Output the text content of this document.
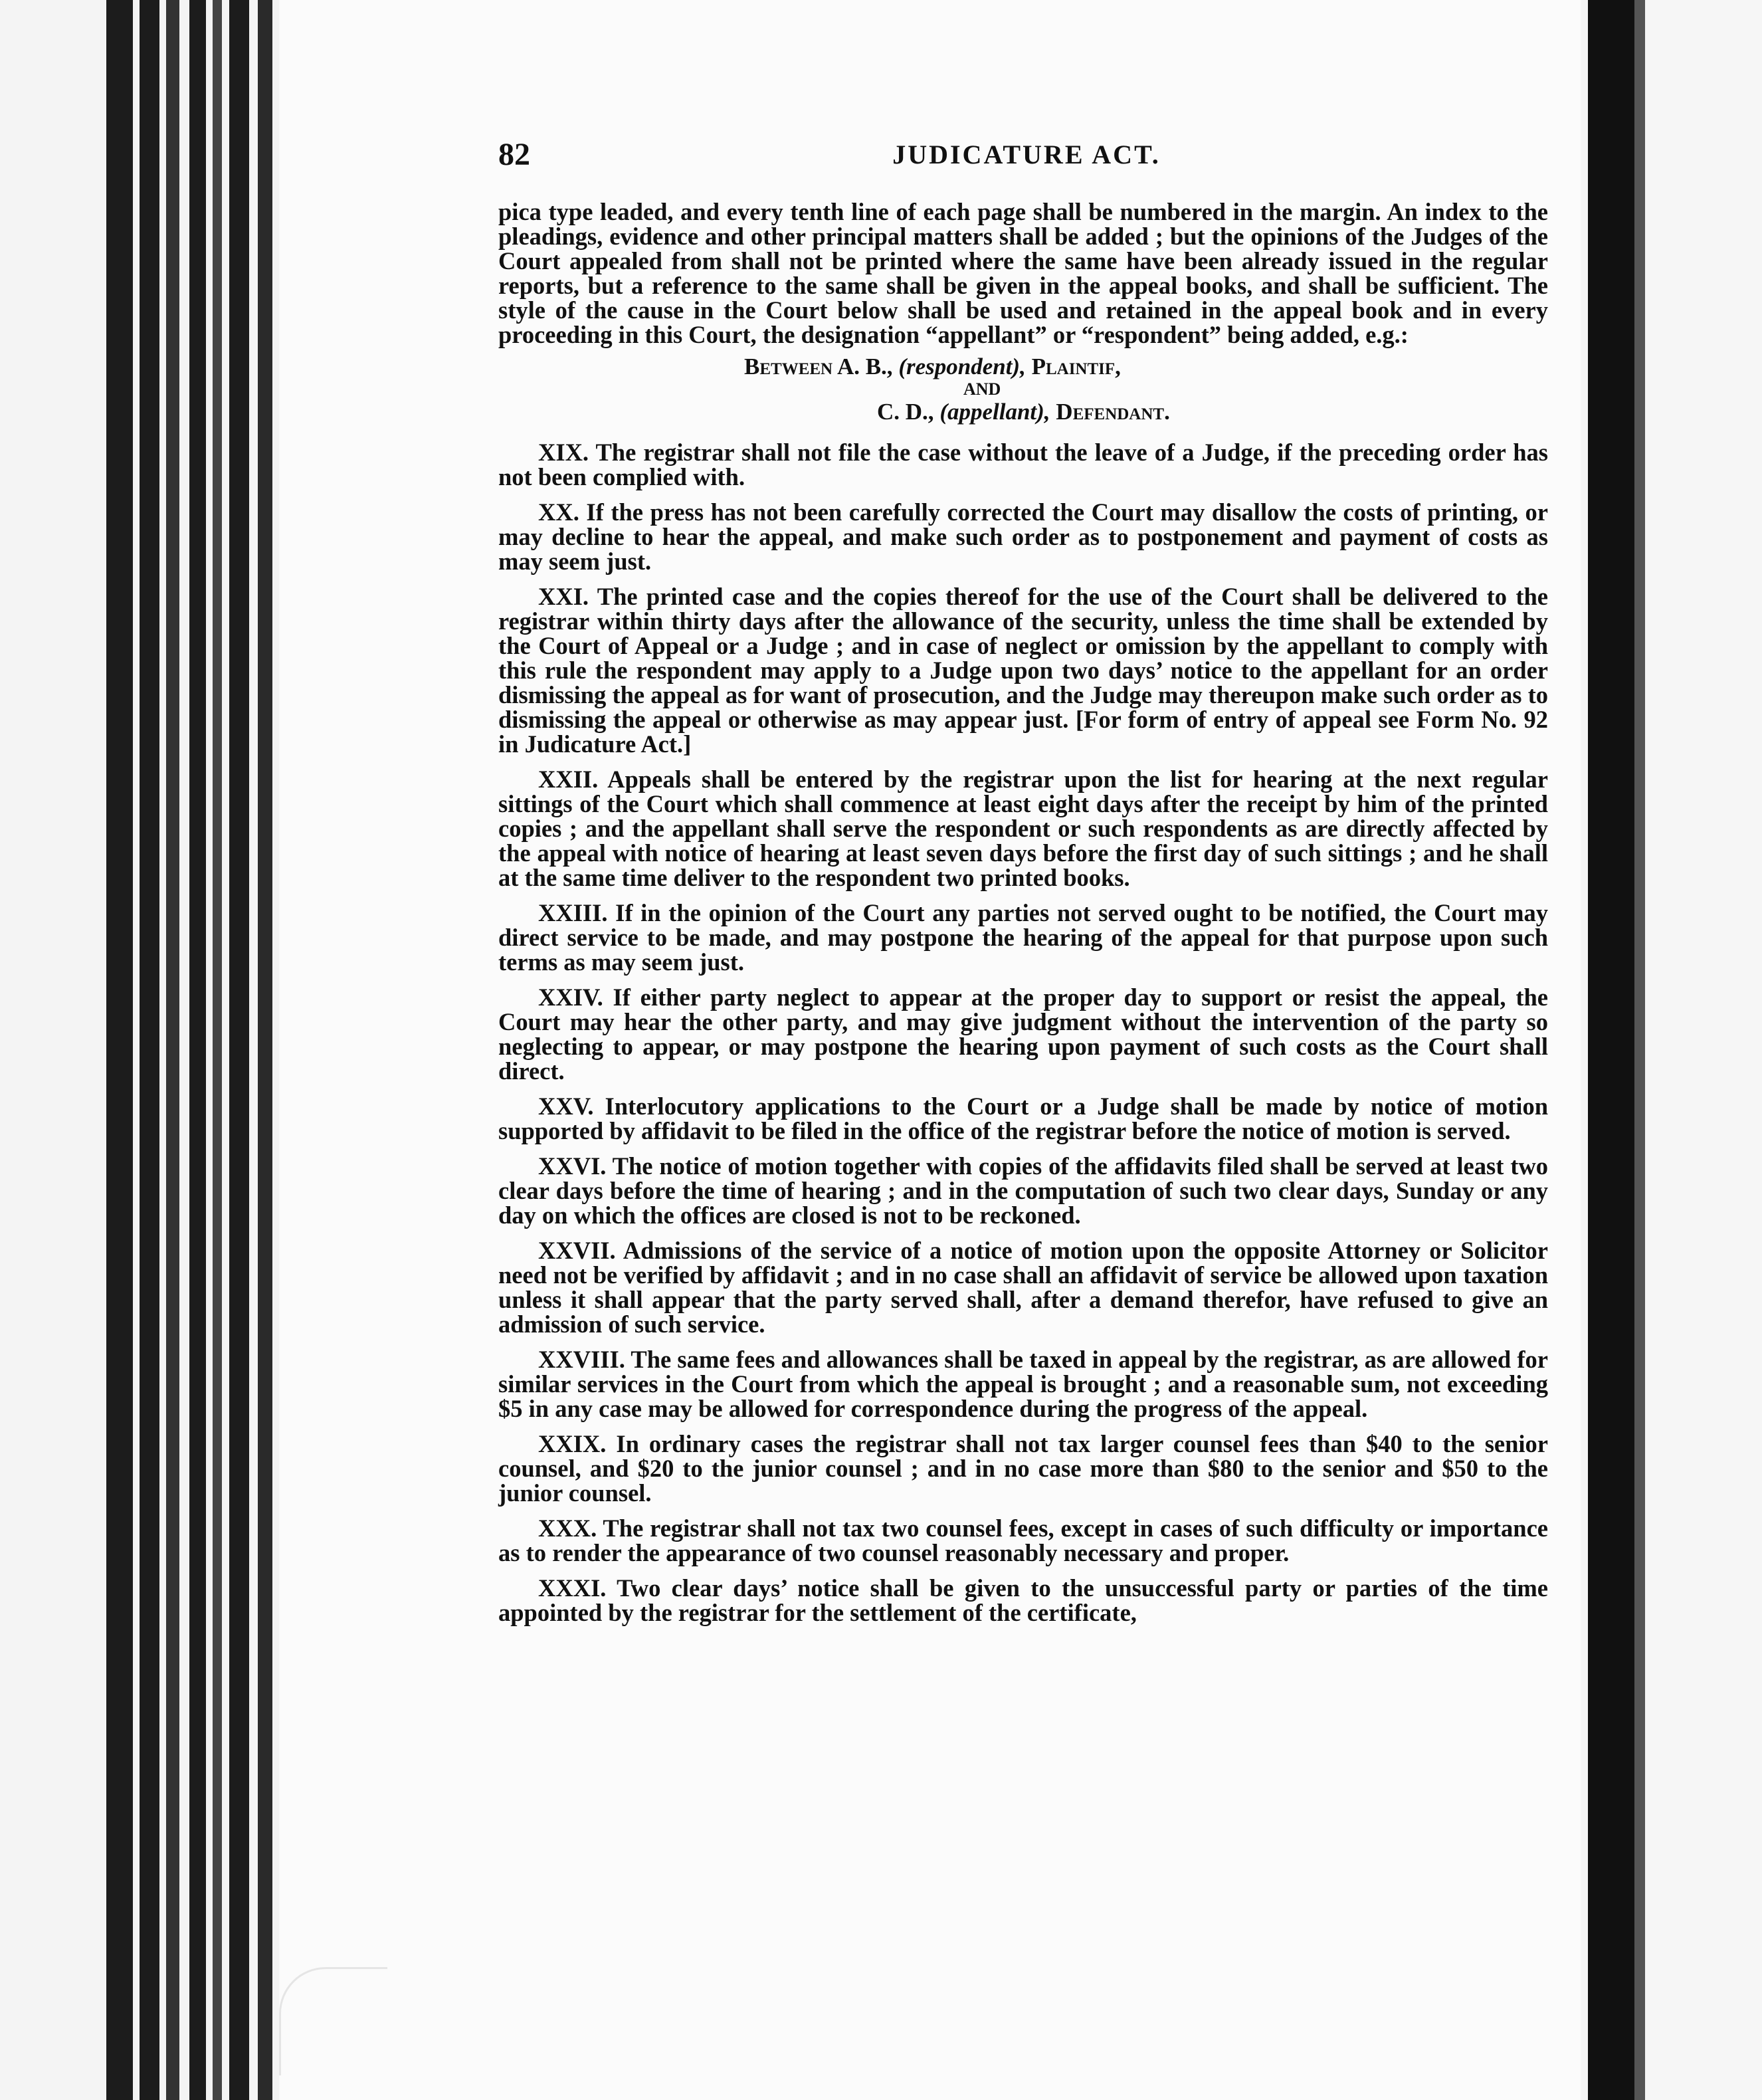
82	JUDICATURE ACT.

pica type leaded, and every tenth line of each page shall be numbered in the margin. An index to the pleadings, evidence and other principal matters shall be added ; but the opinions of the Judges of the Court appealed from shall not be printed where the same have been already issued in the regular reports, but a reference to the same shall be given in the appeal books, and shall be sufficient. The style of the cause in the Court below shall be used and retained in the appeal book and in every proceeding in this Court, the designation “appellant” or “respondent” being added, e.g.:

Between A. B., (respondent), Plaintif,
AND
C. D., (appellant), Defendant.

XIX. The registrar shall not file the case without the leave of a Judge, if the preceding order has not been complied with.

XX. If the press has not been carefully corrected the Court may disallow the costs of printing, or may decline to hear the appeal, and make such order as to postponement and payment of costs as may seem just.

XXI. The printed case and the copies thereof for the use of the Court shall be delivered to the registrar within thirty days after the allowance of the security, unless the time shall be extended by the Court of Appeal or a Judge ; and in case of neglect or omission by the appellant to comply with this rule the respondent may apply to a Judge upon two days’ notice to the appellant for an order dismissing the appeal as for want of prosecution, and the Judge may thereupon make such order as to dismissing the appeal or otherwise as may appear just. [For form of entry of appeal see Form No. 92 in Judicature Act.]

XXII. Appeals shall be entered by the registrar upon the list for hearing at the next regular sittings of the Court which shall commence at least eight days after the receipt by him of the printed copies ; and the appellant shall serve the respondent or such respondents as are directly affected by the appeal with notice of hearing at least seven days before the first day of such sittings ; and he shall at the same time deliver to the respondent two printed books.

XXIII. If in the opinion of the Court any parties not served ought to be notified, the Court may direct service to be made, and may postpone the hearing of the appeal for that purpose upon such terms as may seem just.

XXIV. If either party neglect to appear at the proper day to support or resist the appeal, the Court may hear the other party, and may give judgment without the intervention of the party so neglecting to appear, or may postpone the hearing upon payment of such costs as the Court shall direct.

XXV. Interlocutory applications to the Court or a Judge shall be made by notice of motion supported by affidavit to be filed in the office of the registrar before the notice of motion is served.

XXVI. The notice of motion together with copies of the affidavits filed shall be served at least two clear days before the time of hearing ; and in the computation of such two clear days, Sunday or any day on which the offices are closed is not to be reckoned.

XXVII. Admissions of the service of a notice of motion upon the opposite Attorney or Solicitor need not be verified by affidavit ; and in no case shall an affidavit of service be allowed upon taxation unless it shall appear that the party served shall, after a demand therefor, have refused to give an admission of such service.

XXVIII. The same fees and allowances shall be taxed in appeal by the registrar, as are allowed for similar services in the Court from which the appeal is brought ; and a reasonable sum, not exceeding $5 in any case may be allowed for correspondence during the progress of the appeal.

XXIX. In ordinary cases the registrar shall not tax larger counsel fees than $40 to the senior counsel, and $20 to the junior counsel ; and in no case more than $80 to the senior and $50 to the junior counsel.

XXX. The registrar shall not tax two counsel fees, except in cases of such difficulty or importance as to render the appearance of two counsel reasonably necessary and proper.

XXXI. Two clear days’ notice shall be given to the unsuccessful party or parties of the time appointed by the registrar for the settlement of the certificate,
